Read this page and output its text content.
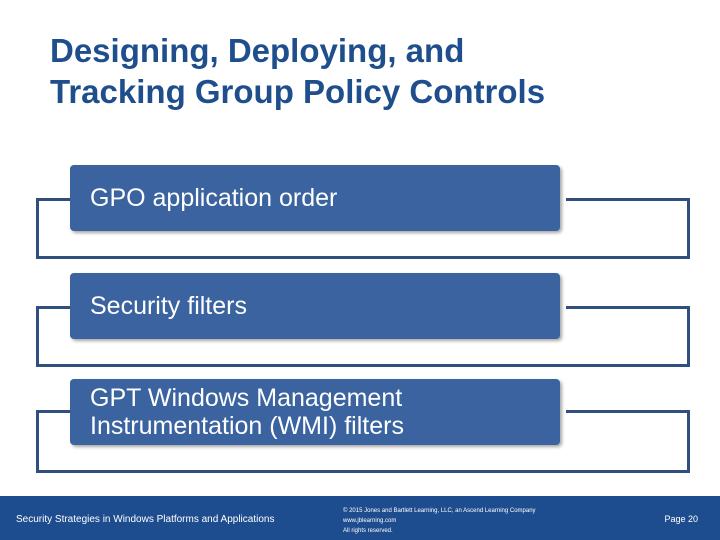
Designing, Deploying, and
Tracking Group Policy Controls
GPO application order
Security filters
GPT Windows Management
Instrumentation (WMI) filters
Security Strategies in Windows Platforms and Applications
© 2015 Jones and Bartlett Learning, LLC, an Ascend Learning Company
www.jblearning.com
All rights reserved.
Page 20
